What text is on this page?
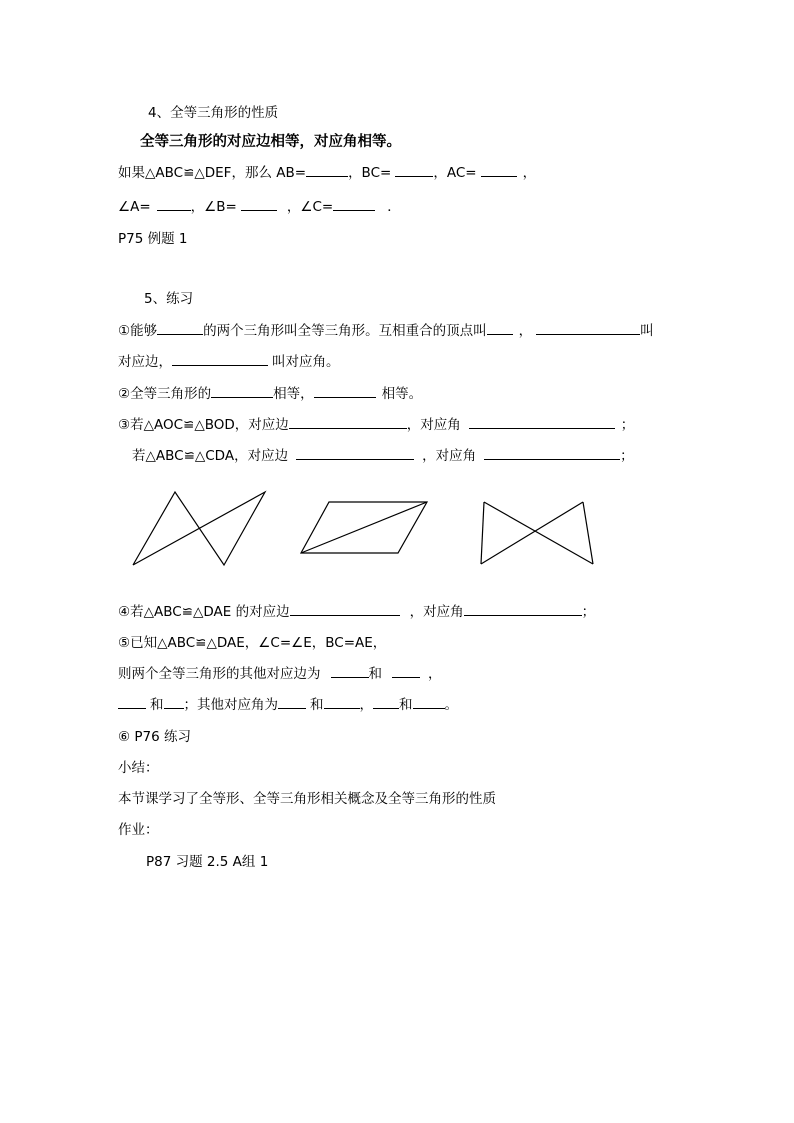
4、全等三角形的性质
全等三角形的对应边相等，对应角相等。
如果△ABC≌△DEF，那么 AB=	，BC=	，AC=	，
∠A=	，∠B=	，∠C=	．
P75 例题 1
5、练习
①能够	的两个三角形叫全等三角形。互相重合的顶点叫 ，	叫
对应边，	叫对应角。
②全等三角形的	相等，	相等。
③若△AOC≌△BOD，对应边	，对应角	；
若△ABC≌△CDA，对应边	，对应角	；
④若△ABC≌△DAE 的对应边	，对应角	；
⑤已知△ABC≌△DAE，∠C=∠E，BC=AE，
则两个全等三角形的其他对应边为	和	，
和 ；其他对应角为 和	， 和 。
⑥ P76 练习
小结：
本节课学习了全等形、全等三角形相关概念及全等三角形的性质
作业：
P87 习题 2.5 A组 1
